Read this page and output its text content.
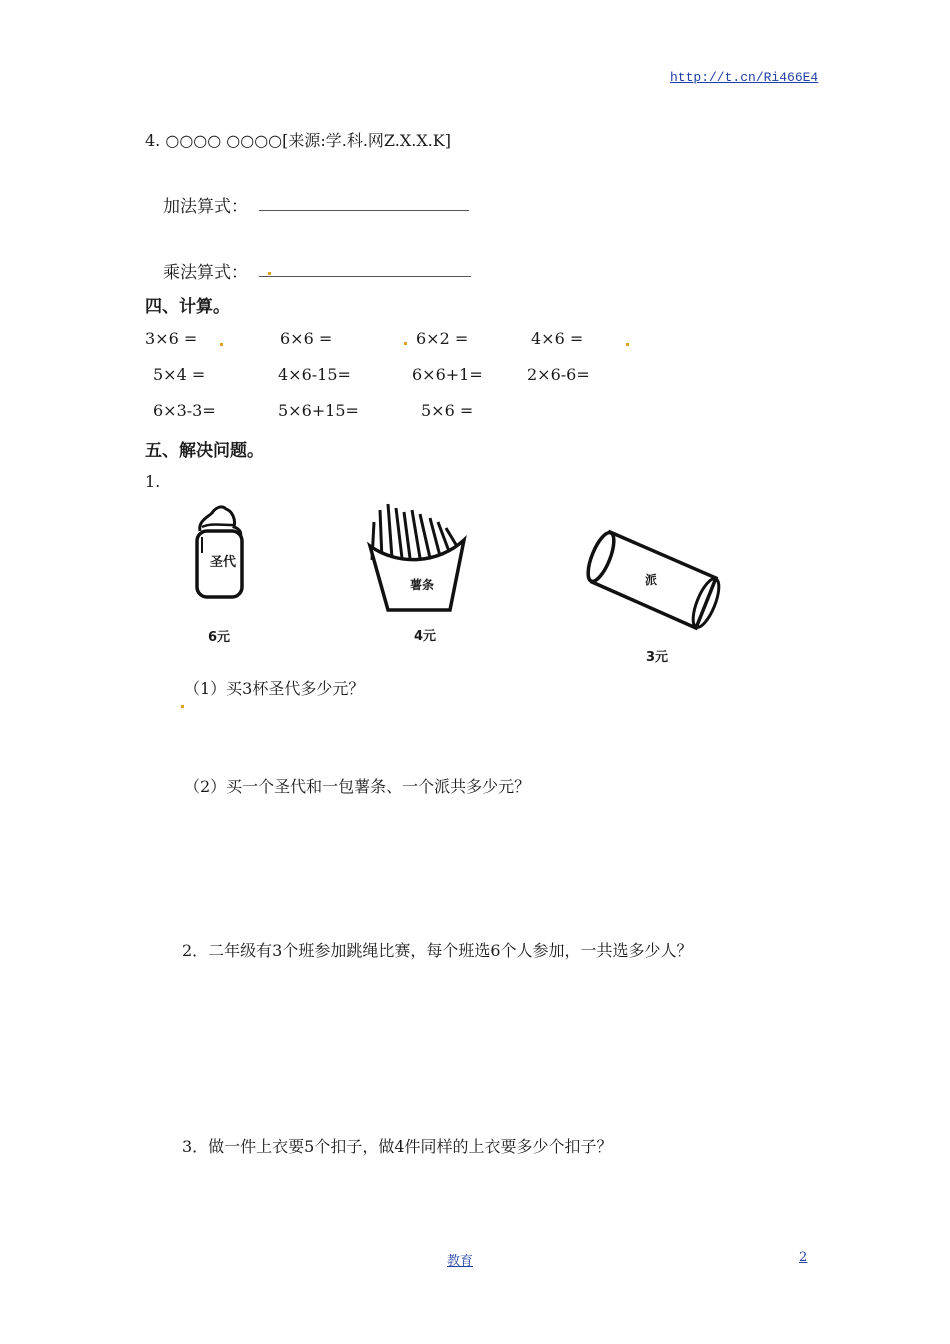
http://t.cn/Ri466E4
4. ○○○○ ○○○○[来源:学.科.网Z.X.X.K]
加法算式：
乘法算式：
四、计算。
3×6 =	6×6 =	6×2 =	4×6 =
5×4 =	4×6-15=	6×6+1=	2×6-6=
6×3-3=	5×6+15=	5×6 =
五、解决问题。
1.
圣代
6元
薯条
4元
派
3元
（1）买3杯圣代多少元？
（2）买一个圣代和一包薯条、一个派共多少元？
2．二年级有3个班参加跳绳比赛，每个班选6个人参加，一共选多少人？
3．做一件上衣要5个扣子，做4件同样的上衣要多少个扣子？
教育	2
